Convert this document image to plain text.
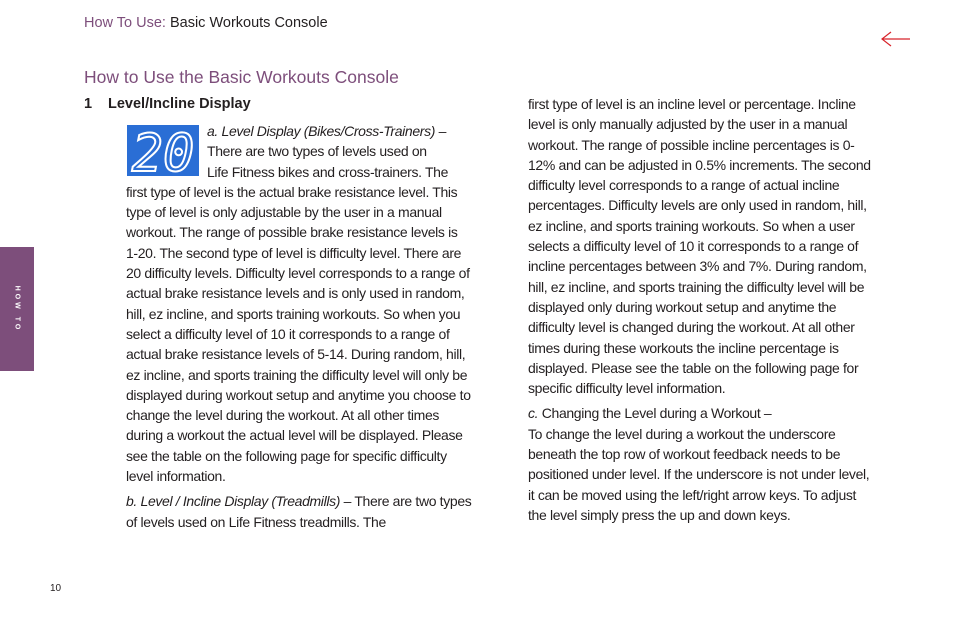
How To Use: Basic Workouts Console
How to Use the Basic Workouts Console
1 Level/Incline Display
20 a. Level Display (Bikes/Cross-Trainers) –
There are two types of levels used on
Life Fitness bikes and cross-trainers. The
first type of level is the actual brake resistance level. This type of level is only adjustable by the user in a manual workout. The range of possible brake resistance levels is 1-20. The second type of level is difficulty level. There are 20 difficulty levels. Difficulty level corresponds to a range of actual brake resistance levels and is only used in random, hill, ez incline, and sports training workouts. So when you select a difficulty level of 10 it corresponds to a range of actual brake resistance levels of 5-14. During random, hill, ez incline, and sports training the difficulty level will only be displayed during workout setup and anytime you choose to change the level during the workout. At all other times during a workout the actual level will be displayed. Please see the table on the following page for specific difficulty level information.

b. Level / Incline Display (Treadmills) – There are two types of levels used on Life Fitness treadmills. The

first type of level is an incline level or percentage. Incline level is only manually adjusted by the user in a manual workout. The range of possible incline percentages is 0-12% and can be adjusted in 0.5% increments. The second difficulty level corresponds to a range of actual incline percentages. Difficulty levels are only used in random, hill, ez incline, and sports training workouts. So when a user selects a difficulty level of 10 it corresponds to a range of incline percentages between 3% and 7%. During random, hill, ez incline, and sports training the difficulty level will be displayed only during workout setup and anytime the difficulty level is changed during the workout. At all other times during these workouts the incline percentage is displayed. Please see the table on the following page for specific difficulty level information.

c. Changing the Level during a Workout –
To change the level during a workout the underscore beneath the top row of workout feedback needs to be positioned under level. If the underscore is not under level, it can be moved using the left/right arrow keys. To adjust the level simply press the up and down keys.

HOW TO
10
